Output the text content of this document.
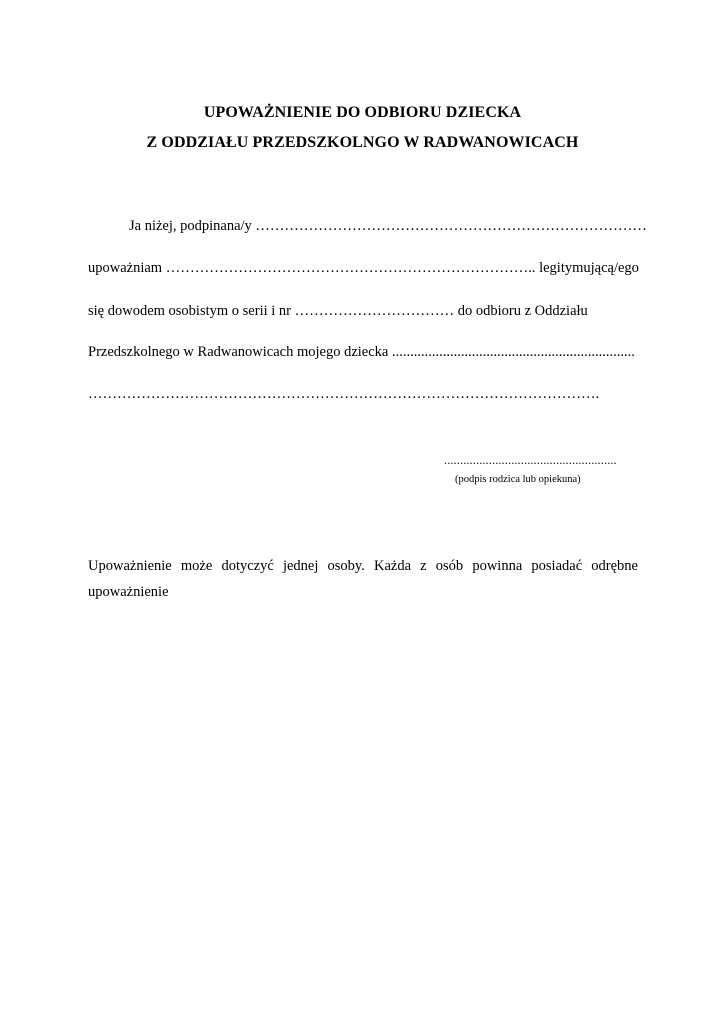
UPOWAŻNIENIE DO ODBIORU DZIECKA
Z ODDZIAŁU PRZEDSZKOLNGO W RADWANOWICACH
Ja niżej, podpinana/y ………………………………………………………………………
upoważniam ………………………………………………………………….. legitymującą/ego
się dowodem osobistym o serii i nr …………………………… do odbioru z Oddziału
Przedszkolnego w Radwanowicach mojego dziecka ...................................................................
…………………………………………………………………………………………….
......................................................
(podpis rodzica lub opiekuna)
Upoważnienie może dotyczyć jednej osoby. Każda z osób powinna posiadać odrębne upoważnienie
